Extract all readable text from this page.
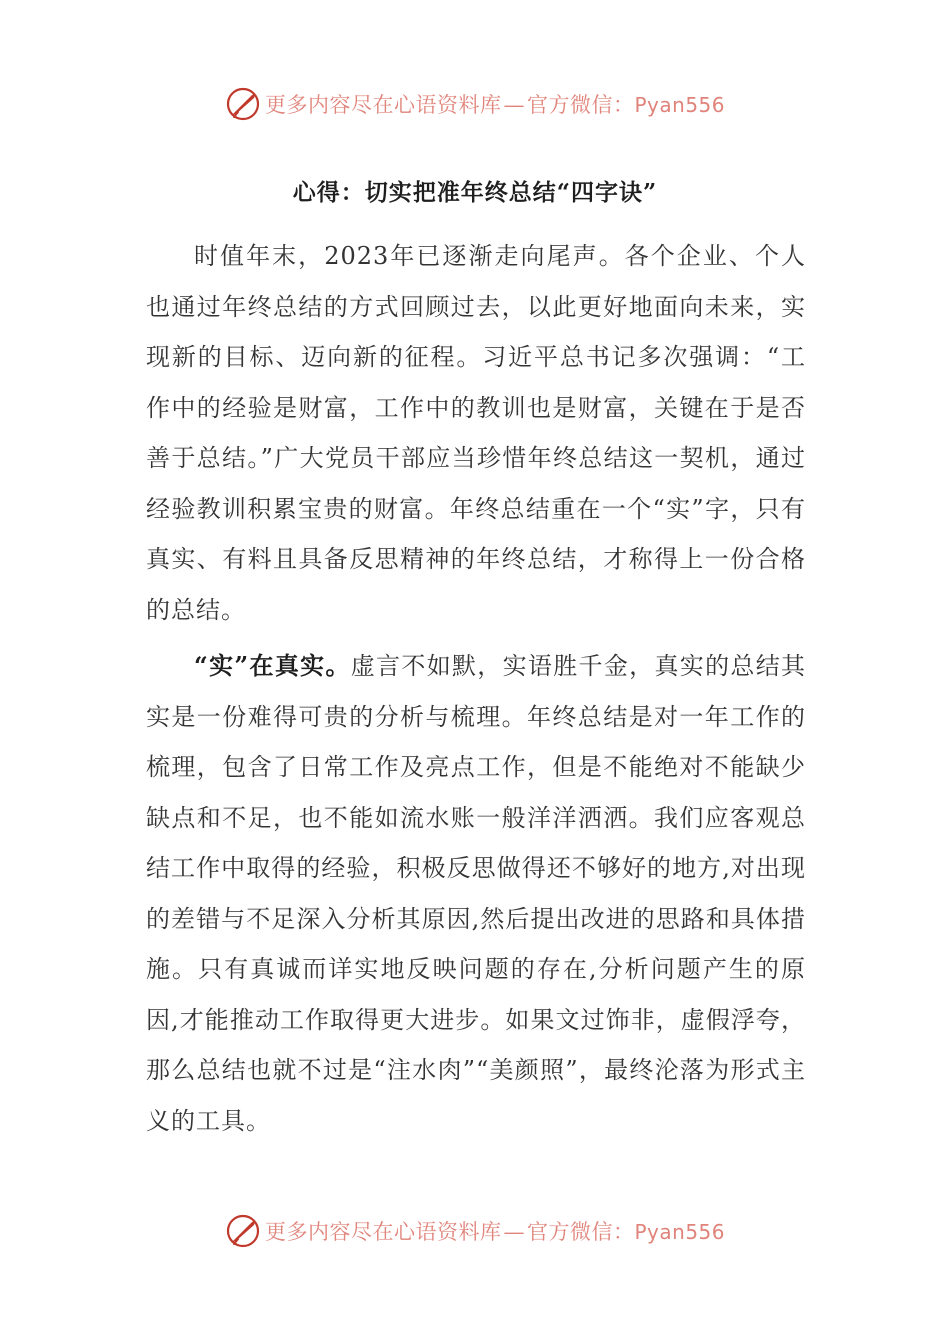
更多内容尽在心语资料库—官方微信：Pyan556
心得：切实把准年终总结“四字诀”

时值年末，2023年已逐渐走向尾声。各个企业、个人也通过年终总结的方式回顾过去，以此更好地面向未来，实现新的目标、迈向新的征程。习近平总书记多次强调：“工作中的经验是财富，工作中的教训也是财富，关键在于是否善于总结。”广大党员干部应当珍惜年终总结这一契机，通过经验教训积累宝贵的财富。年终总结重在一个“实”字，只有真实、有料且具备反思精神的年终总结，才称得上一份合格的总结。

“实”在真实。虚言不如默，实语胜千金，真实的总结其实是一份难得可贵的分析与梳理。年终总结是对一年工作的梳理，包含了日常工作及亮点工作，但是不能绝对不能缺少缺点和不足，也不能如流水账一般洋洋洒洒。我们应客观总结工作中取得的经验，积极反思做得还不够好的地方,对出现的差错与不足深入分析其原因,然后提出改进的思路和具体措施。只有真诚而详实地反映问题的存在,分析问题产生的原因,才能推动工作取得更大进步。如果文过饰非，虚假浮夸，那么总结也就不过是“注水肉”“美颜照”，最终沦落为形式主义的工具。

更多内容尽在心语资料库—官方微信：Pyan556
